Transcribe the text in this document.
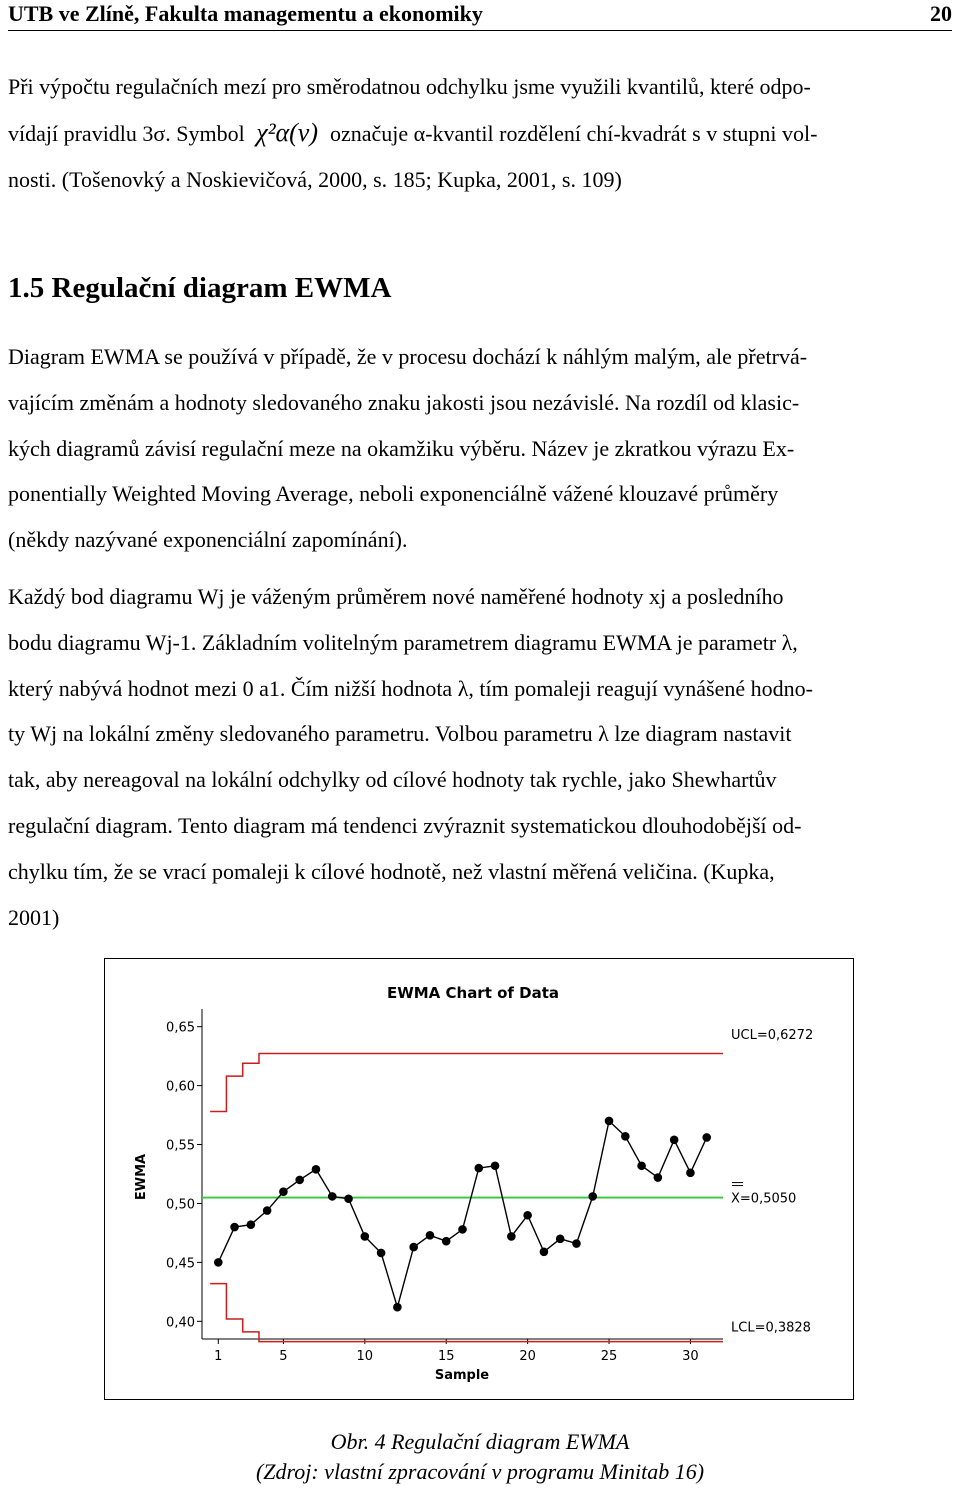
UTB ve Zlíně, Fakulta managementu a ekonomiky	20
Při výpočtu regulačních mezí pro směrodatnou odchylku jsme využili kvantilů, které odpo-
vídají pravidlu 3σ. Symbol χ²α(v) označuje α-kvantil rozdělení chí-kvadrát s v stupni vol-
nosti. (Tošenovký a Noskievičová, 2000, s. 185; Kupka, 2001, s. 109)
1.5 Regulační diagram EWMA
Diagram EWMA se používá v případě, že v procesu dochází k náhlým malým, ale přetrvá-
vajícím změnám a hodnoty sledovaného znaku jakosti jsou nezávislé. Na rozdíl od klasic-
kých diagramů závisí regulační meze na okamžiku výběru. Název je zkratkou výrazu Ex-
ponentially Weighted Moving Average, neboli exponenciálně vážené klouzavé průměry
(někdy nazývané exponenciální zapomínání).
Každý bod diagramu Wj je váženým průměrem nové naměřené hodnoty xj a posledního
bodu diagramu Wj-1. Základním volitelným parametrem diagramu EWMA je parametr λ,
který nabývá hodnot mezi 0 a1. Čím nižší hodnota λ, tím pomaleji reagují vynášené hodno-
ty Wj na lokální změny sledovaného parametru. Volbou parametru λ lze diagram nastavit
tak, aby nereagoval na lokální odchylky od cílové hodnoty tak rychle, jako Shewhartův
regulační diagram. Tento diagram má tendenci zvýraznit systematickou dlouhodobější od-
chylku tím, že se vrací pomaleji k cílové hodnotě, než vlastní měřená veličina. (Kupka,
2001)
EWMA Chart of Data
EWMA
Sample
0,40
0,45
0,50
0,55
0,60
0,65
1	5	10	15	20	25	30
X=0,5050
UCL=0,6272
LCL=0,3828
Obr. 4 Regulační diagram EWMA
(Zdroj: vlastní zpracování v programu Minitab 16)
